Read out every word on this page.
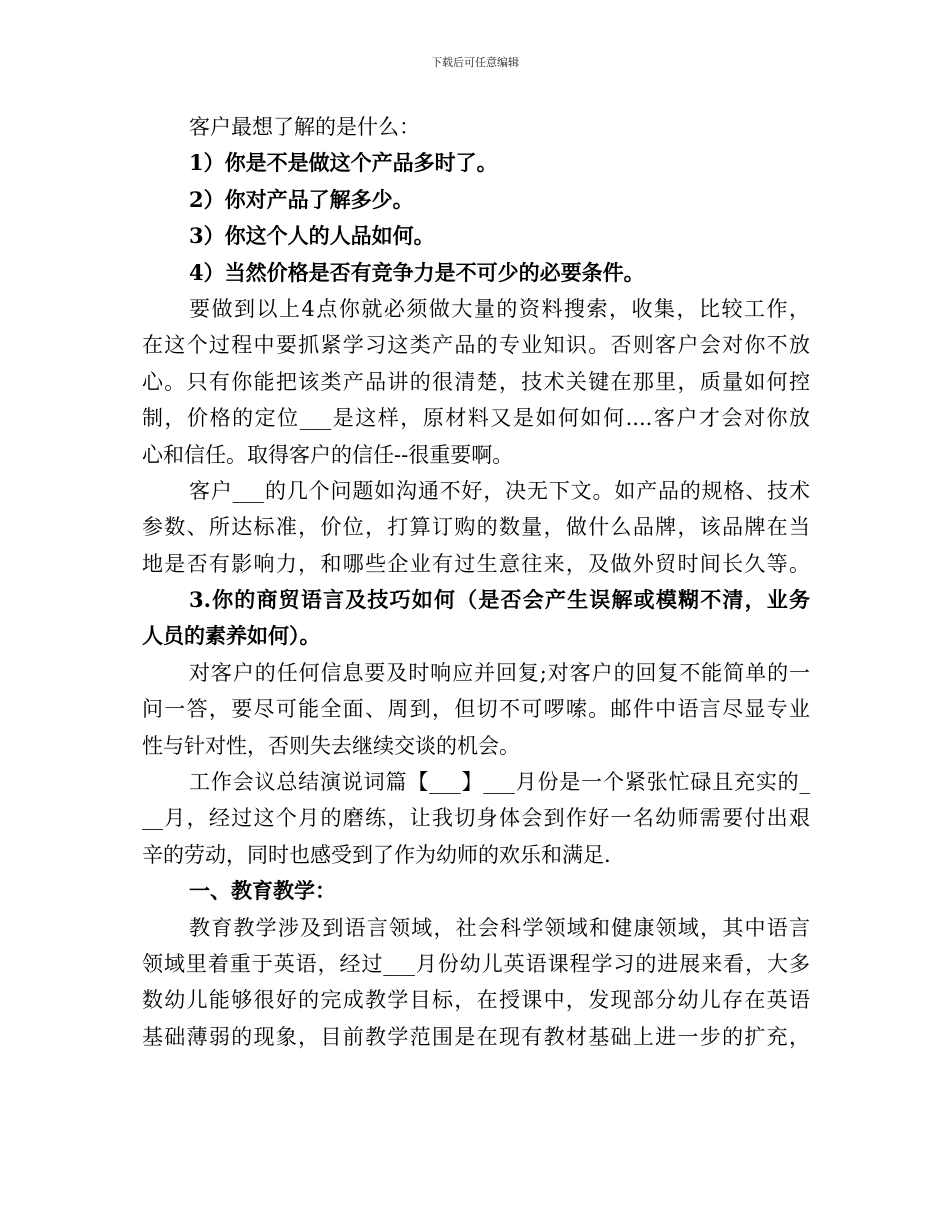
下载后可任意编辑
客户最想了解的是什么：
1）你是不是做这个产品多时了。
2）你对产品了解多少。
3）你这个人的人品如何。
4）当然价格是否有竞争力是不可少的必要条件。
要做到以上4点你就必须做大量的资料搜索，收集，比较工作，
在这个过程中要抓紧学习这类产品的专业知识。否则客户会对你不放
心。只有你能把该类产品讲的很清楚，技术关键在那里，质量如何控
制，价格的定位___是这样，原材料又是如何如何....客户才会对你放
心和信任。取得客户的信任--很重要啊。
客户___的几个问题如沟通不好，决无下文。如产品的规格、技术
参数、所达标准，价位，打算订购的数量，做什么品牌，该品牌在当
地是否有影响力，和哪些企业有过生意往来，及做外贸时间长久等。
3.你的商贸语言及技巧如何（是否会产生误解或模糊不清，业务
人员的素养如何）。
对客户的任何信息要及时响应并回复;对客户的回复不能简单的一
问一答，要尽可能全面、周到，但切不可啰嗦。邮件中语言尽显专业
性与针对性，否则失去继续交谈的机会。
工作会议总结演说词篇【___】___月份是一个紧张忙碌且充实的_
__月，经过这个月的磨练，让我切身体会到作好一名幼师需要付出艰
辛的劳动，同时也感受到了作为幼师的欢乐和满足.
一、教育教学：
教育教学涉及到语言领域，社会科学领域和健康领域，其中语言
领域里着重于英语，经过___月份幼儿英语课程学习的进展来看，大多
数幼儿能够很好的完成教学目标，在授课中，发现部分幼儿存在英语
基础薄弱的现象，目前教学范围是在现有教材基础上进一步的扩充，
